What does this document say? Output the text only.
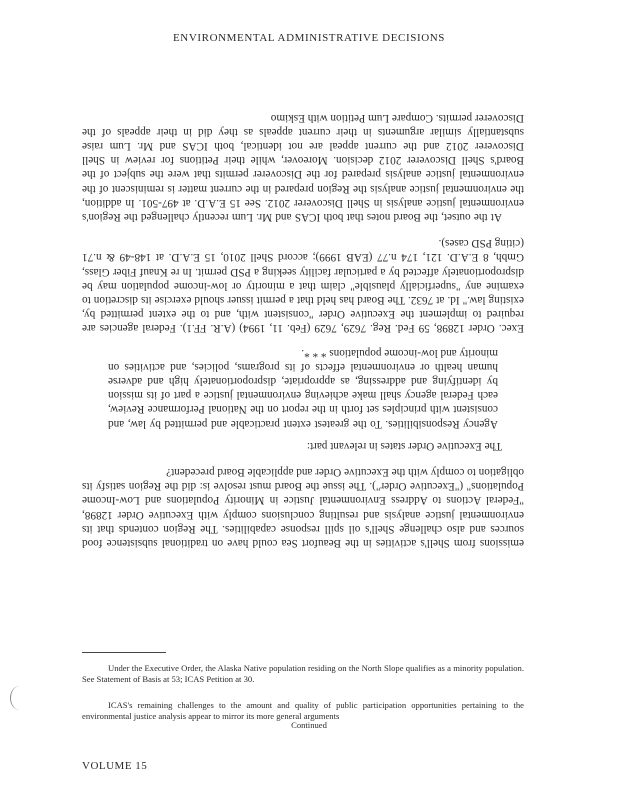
ENVIRONMENTAL ADMINISTRATIVE DECISIONS

emissions from Shell's activities in the Beaufort Sea could have on traditional subsistence food sources and also challenge Shell's oil spill response capabilities. The Region contends that its environmental justice analysis and resulting conclusions comply with Executive Order 12898, "Federal Actions to Address Environmental Justice in Minority Populations and Low-Income Populations" ("Executive Order"). The issue the Board must resolve is: did the Region satisfy its obligation to comply with the Executive Order and applicable Board precedent?

The Executive Order states in relevant part:

Agency Responsibilities. To the greatest extent practicable and permitted by law, and consistent with principles set forth in the report on the National Performance Review, each Federal agency shall make achieving environmental justice a part of its mission by identifying and addressing, as appropriate, disproportionately high and adverse human health or environmental effects of its programs, policies, and activities on minority and low-income populations * * *.

Exec. Order 12898, 59 Fed. Reg. 7629, 7629 (Feb. 11, 1994) (A.R. FF.1). Federal agencies are required to implement the Executive Order "consistent with, and to the extent permitted by, existing law." Id. at 7632. The Board has held that a permit issuer should exercise its discretion to examine any "superficially plausible" claim that a minority or low-income population may be disproportionately affected by a particular facility seeking a PSD permit. In re Knauf Fiber Glass, Gmbh, 8 E.A.D. 121, 174 n.77 (EAB 1999); accord Shell 2010, 15 E.A.D. at 148-49 & n.71 (citing PSD cases).

At the outset, the Board notes that both ICAS and Mr. Lum recently challenged the Region's environmental justice analysis in Shell Discoverer 2012. See 15 E.A.D. at 497-501. In addition, the environmental justice analysis the Region prepared in the current matter is reminiscent of the environmental justice analysis prepared for the Discoverer permits that were the subject of the Board's Shell Discoverer 2012 decision. Moreover, while their Petitions for review in Shell Discoverer 2012 and the current appeal are not identical, both ICAS and Mr. Lum raise substantially similar arguments in their current appeals as they did in their appeals of the Discoverer permits. Compare Lum Petition with Eskimo

Under the Executive Order, the Alaska Native population residing on the North Slope qualifies as a minority population. See Statement of Basis at 53; ICAS Petition at 30.
ICAS's remaining challenges to the amount and quality of public participation opportunities pertaining to the environmental justice analysis appear to mirror its more general arguments
Continued
VOLUME 15
